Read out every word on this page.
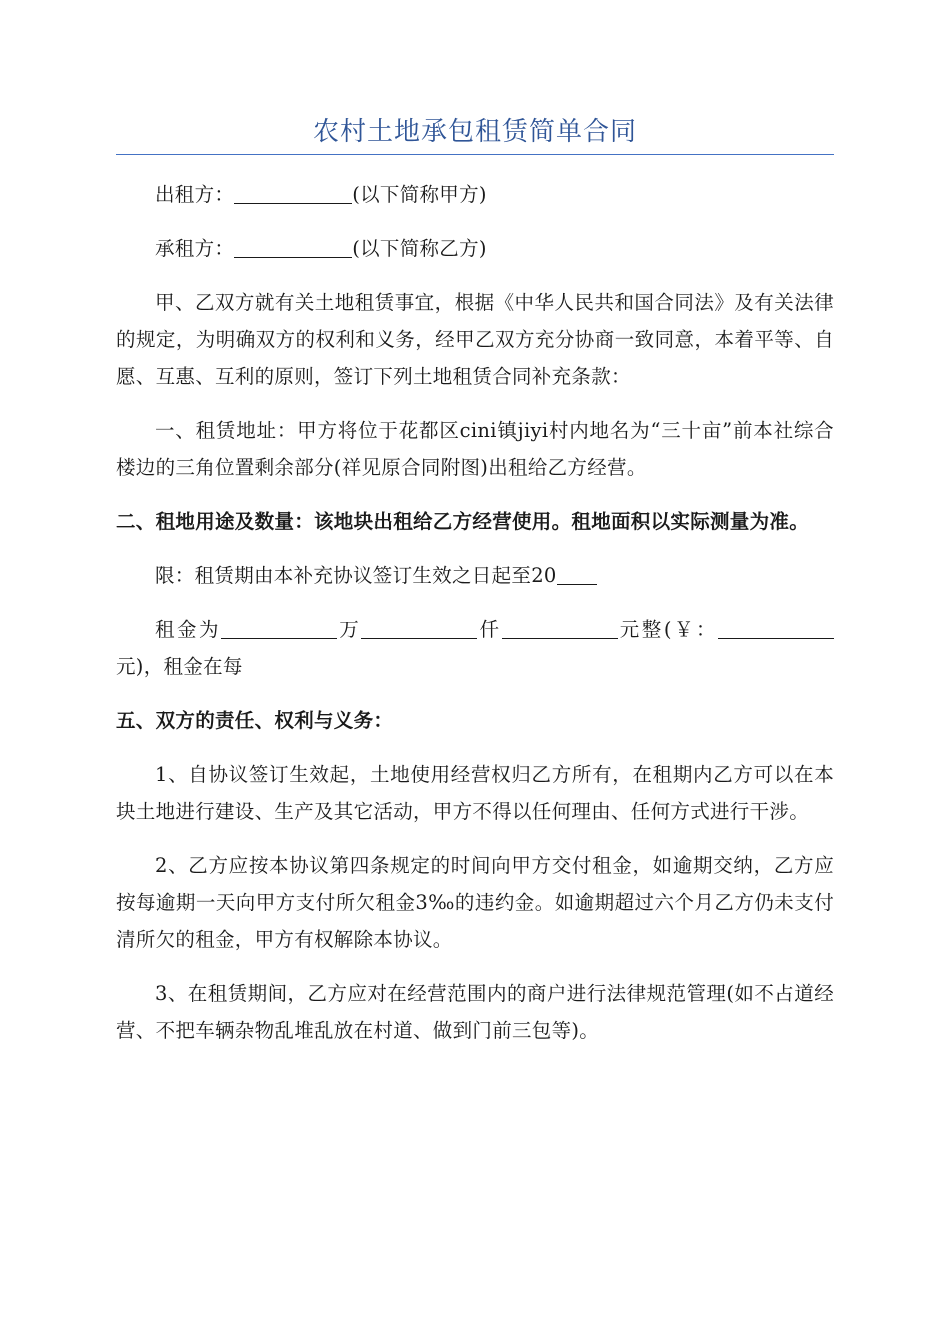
农村土地承包租赁简单合同

出租方：	(以下简称甲方)

承租方：	(以下简称乙方)

甲、乙双方就有关土地租赁事宜，根据《中华人民共和国合同法》及有关法律的规定，为明确双方的权利和义务，经甲乙双方充分协商一致同意，本着平等、自愿、互惠、互利的原则，签订下列土地租赁合同补充条款：

一、租赁地址：甲方将位于花都区cini镇jiyi村内地名为“三十亩”前本社综合楼边的三角位置剩余部分(祥见原合同附图)出租给乙方经营。

二、租地用途及数量：该地块出租给乙方经营使用。租地面积以实际测量为准。

限：租赁期由本补充协议签订生效之日起至20

租金为	万	仟	元整(￥：元)，租金在每

五、双方的责任、权利与义务：

1、自协议签订生效起，土地使用经营权归乙方所有，在租期内乙方可以在本块土地进行建设、生产及其它活动，甲方不得以任何理由、任何方式进行干涉。

2、乙方应按本协议第四条规定的时间向甲方交付租金，如逾期交纳，乙方应按每逾期一天向甲方支付所欠租金3‰的违约金。如逾期超过六个月乙方仍未支付清所欠的租金，甲方有权解除本协议。

3、在租赁期间，乙方应对在经营范围内的商户进行法律规范管理(如不占道经营、不把车辆杂物乱堆乱放在村道、做到门前三包等)。
